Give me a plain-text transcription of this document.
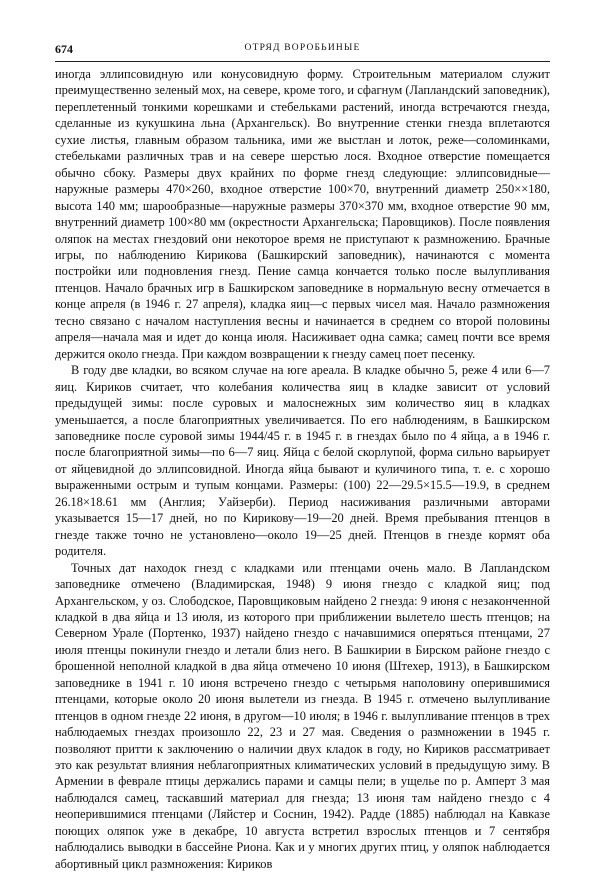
674	ОТРЯД ВОРОБЬИНЫЕ

иногда эллипсовидную или конусовидную форму. Строительным материалом служит преимущественно зеленый мох, на севере, кроме того, и сфагнум (Лапландский заповедник), переплетенный тонкими корешками и стебельками растений, иногда встречаются гнезда, сделанные из кукушкина льна (Архангельск). Во внутренние стенки гнезда вплетаются сухие листья, главным образом тальника, ими же выстлан и лоток, реже—соломинками, стебельками различных трав и на севере шерстью лося. Входное отверстие помещается обычно сбоку. Размеры двух крайних по форме гнезд следующие: эллипсовидные—наружные размеры 470×260, входное отверстие 100×70, внутренний диаметр 250××180, высота 140 мм; шарообразные—наружные размеры 370×370 мм, входное отверстие 90 мм, внутренний диаметр 100×80 мм (окрестности Архангельска; Паровщиков). После появления оляпок на местах гнездовий они некоторое время не приступают к размножению. Брачные игры, по наблюдению Кирикова (Башкирский заповедник), начинаются с момента постройки или подновления гнезд. Пение самца кончается только после вылупливания птенцов. Начало брачных игр в Башкирском заповеднике в нормальную весну отмечается в конце апреля (в 1946 г. 27 апреля), кладка яиц—с первых чисел мая. Начало размножения тесно связано с началом наступления весны и начинается в среднем со второй половины апреля—начала мая и идет до конца июля. Насиживает одна самка; самец почти все время держится около гнезда. При каждом возвращении к гнезду самец поет песенку.

В году две кладки, во всяком случае на юге ареала. В кладке обычно 5, реже 4 или 6—7 яиц. Кириков считает, что колебания количества яиц в кладке зависит от условий предыдущей зимы: после суровых и малоснежных зим количество яиц в кладках уменьшается, а после благоприятных увеличивается. По его наблюдениям, в Башкирском заповеднике после суровой зимы 1944/45 г. в 1945 г. в гнездах было по 4 яйца, а в 1946 г. после благоприятной зимы—по 6—7 яиц. Яйца с белой скорлупой, форма сильно варьирует от яйцевидной до эллипсовидной. Иногда яйца бывают и куличиного типа, т. е. с хорошо выраженными острым и тупым концами. Размеры: (100) 22—29.5×15.5—19.9, в среднем 26.18×18.61 мм (Англия; Уайзерби). Период насиживания различными авторами указывается 15—17 дней, но по Кирикову—19—20 дней. Время пребывания птенцов в гнезде также точно не установлено—около 19—25 дней. Птенцов в гнезде кормят оба родителя.

Точных дат находок гнезд с кладками или птенцами очень мало. В Лапландском заповеднике отмечено (Владимирская, 1948) 9 июня гнездо с кладкой яиц; под Архангельском, у оз. Слободское, Паровщиковым найдено 2 гнезда: 9 июня с незаконченной кладкой в два яйца и 13 июля, из которого при приближении вылетело шесть птенцов; на Северном Урале (Портенко, 1937) найдено гнездо с начавшимися оперяться птенцами, 27 июля птенцы покинули гнездо и летали близ него. В Башкирии в Бирском районе гнездо с брошенной неполной кладкой в два яйца отмечено 10 июня (Штехер, 1913), в Башкирском заповеднике в 1941 г. 10 июня встречено гнездо с четырьмя наполовину оперившимися птенцами, которые около 20 июня вылетели из гнезда. В 1945 г. отмечено вылупливание птенцов в одном гнезде 22 июня, в другом—10 июля; в 1946 г. вылупливание птенцов в трех наблюдаемых гнездах произошло 22, 23 и 27 мая. Сведения о размножении в 1945 г. позволяют притти к заключению о наличии двух кладок в году, но Кириков рассматривает это как результат влияния неблагоприятных климатических условий в предыдущую зиму. В Армении в феврале птицы держались парами и самцы пели; в ущелье по р. Амперт 3 мая наблюдался самец, таскавший материал для гнезда; 13 июня там найдено гнездо с 4 неоперившимися птенцами (Ляйстер и Соснин, 1942). Радде (1885) наблюдал на Кавказе поющих оляпок уже в декабре, 10 августа встретил взрослых птенцов и 7 сентября наблюдались выводки в бассейне Риона. Как и у многих других птиц, у оляпок наблюдается абортивный цикл размножения: Кириков
